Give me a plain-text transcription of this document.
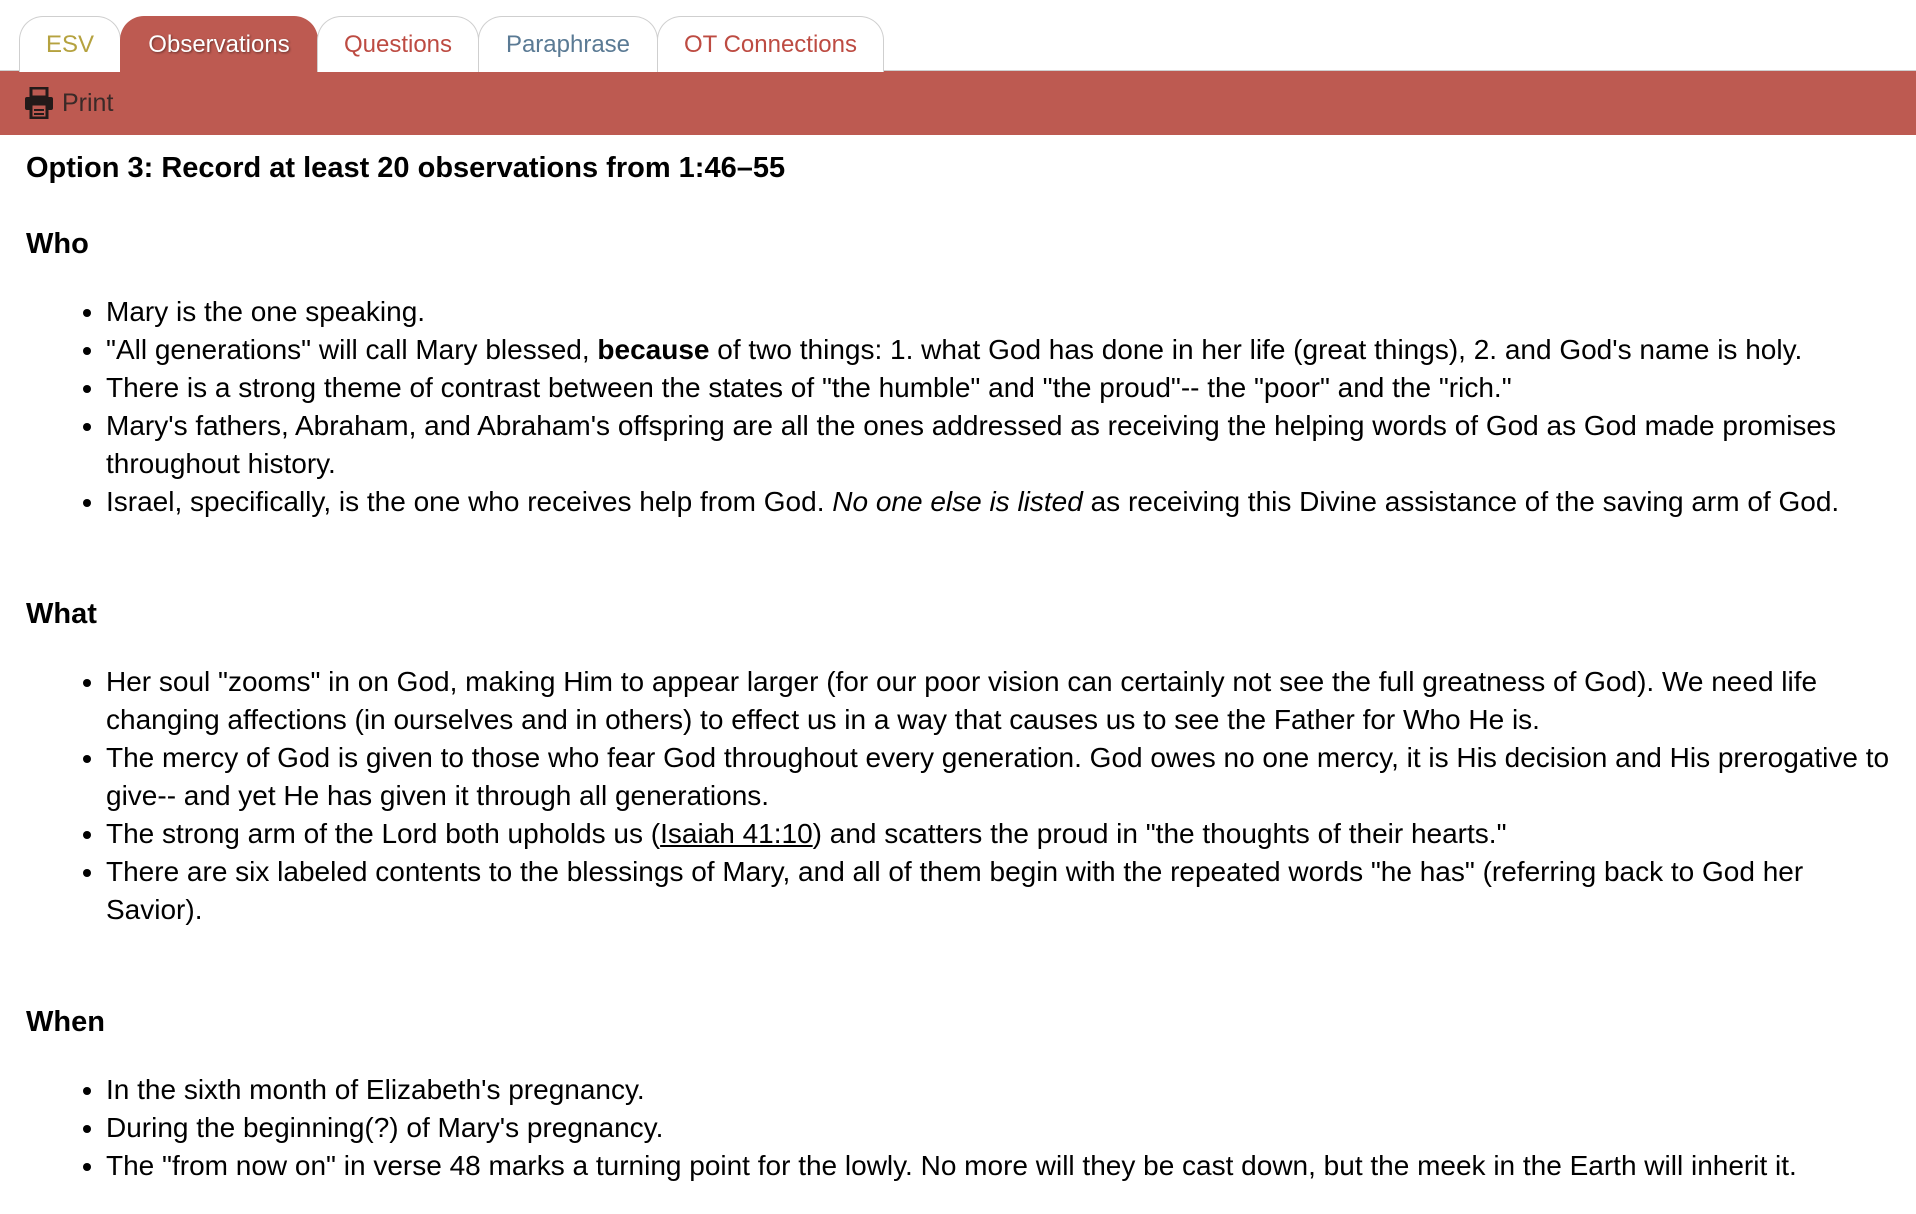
ESV	Observations	Questions	Paraphrase	OT Connections
Print

Option 3: Record at least 20 observations from 1:46–55

Who
• Mary is the one speaking.
• "All generations" will call Mary blessed, because of two things: 1. what God has done in her life (great things), 2. and God's name is holy.
• There is a strong theme of contrast between the states of "the humble" and "the proud"-- the "poor" and the "rich."
• Mary's fathers, Abraham, and Abraham's offspring are all the ones addressed as receiving the helping words of God as God made promises throughout history.
• Israel, specifically, is the one who receives help from God. No one else is listed as receiving this Divine assistance of the saving arm of God.
What
• Her soul "zooms" in on God, making Him to appear larger (for our poor vision can certainly not see the full greatness of God). We need life changing affections (in ourselves and in others) to effect us in a way that causes us to see the Father for Who He is.
• The mercy of God is given to those who fear God throughout every generation. God owes no one mercy, it is His decision and His prerogative to give-- and yet He has given it through all generations.
• The strong arm of the Lord both upholds us (Isaiah 41:10) and scatters the proud in "the thoughts of their hearts."
• There are six labeled contents to the blessings of Mary, and all of them begin with the repeated words "he has" (referring back to God her Savior).
When
• In the sixth month of Elizabeth's pregnancy.
• During the beginning(?) of Mary's pregnancy.
• The "from now on" in verse 48 marks a turning point for the lowly. No more will they be cast down, but the meek in the Earth will inherit it.
